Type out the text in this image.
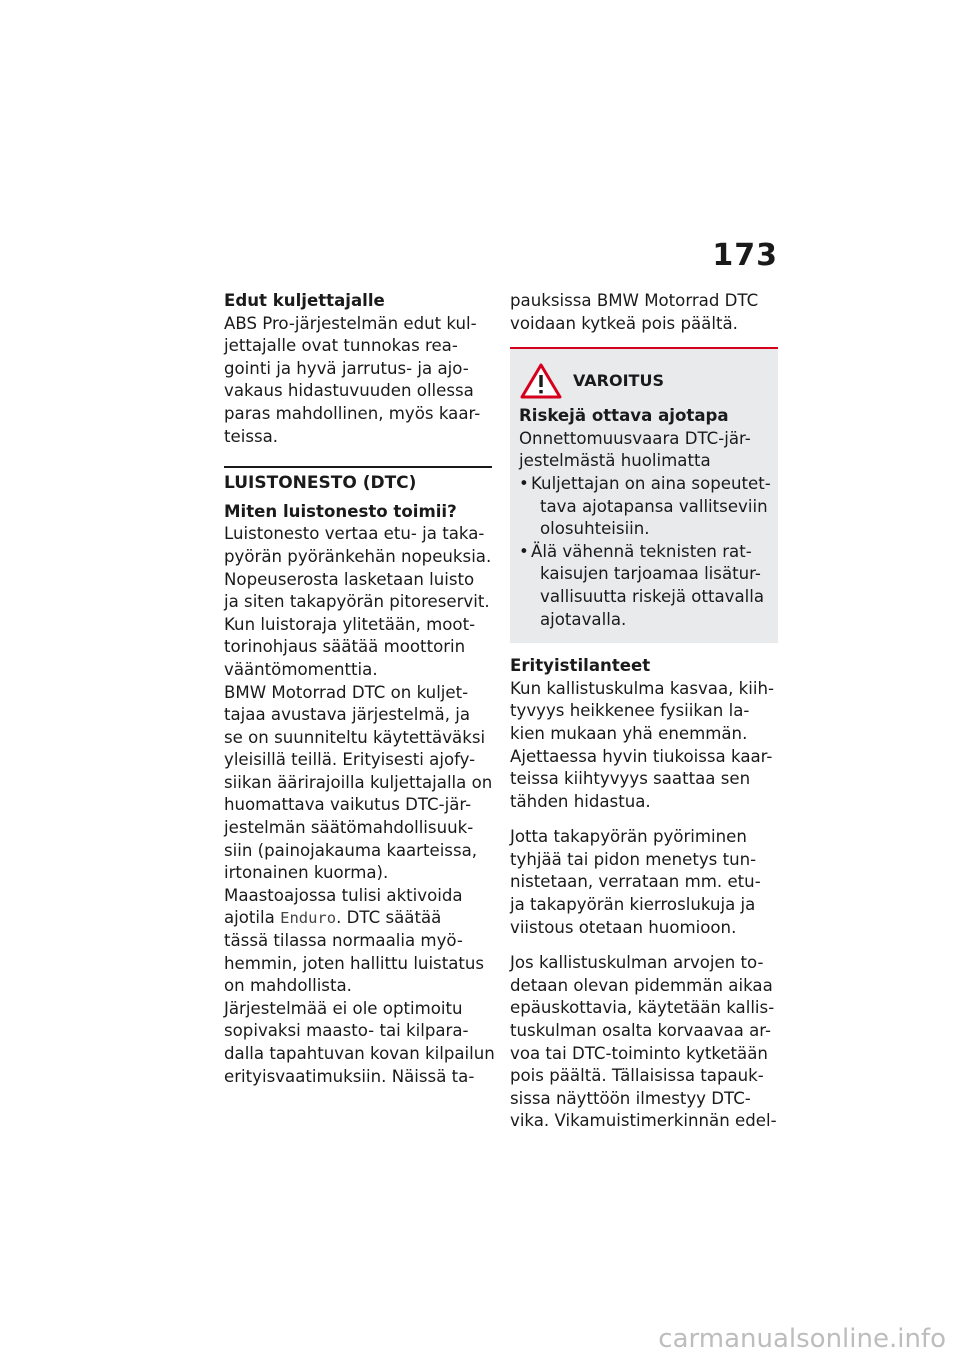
173
Edut kuljettajalle
ABS Pro-järjestelmän edut kul-
jettajalle ovat tunnokas rea-
gointi ja hyvä jarrutus- ja ajo-
vakaus hidastuvuuden ollessa
paras mahdollinen, myös kaar-
teissa.
LUISTONESTO (DTC)
Miten luistonesto toimii?
Luistonesto vertaa etu- ja taka-
pyörän pyöränkehän nopeuksia.
Nopeuserosta lasketaan luisto
ja siten takapyörän pitoreservit.
Kun luistoraja ylitetään, moot-
torinohjaus säätää moottorin
vääntömomenttia.
BMW Motorrad DTC on kuljet-
tajaa avustava järjestelmä, ja
se on suunniteltu käytettäväksi
yleisillä teillä. Erityisesti ajofy-
siikan äärirajoilla kuljettajalla on
huomattava vaikutus DTC-jär-
jestelmän säätömahdollisuuk-
siin (painojakauma kaarteissa,
irtonainen kuorma).
Maastoajossa tulisi aktivoida
ajotila Enduro. DTC säätää
tässä tilassa normaalia myö-
hemmin, joten hallittu luistatus
on mahdollista.
Järjestelmää ei ole optimoitu
sopivaksi maasto- tai kilpara-
dalla tapahtuvan kovan kilpailun
erityisvaatimuksiin. Näissä ta-
pauksissa BMW Motorrad DTC
voidaan kytkeä pois päältä.
VAROITUS
Riskejä ottava ajotapa
Onnettomuusvaara DTC-jär-
jestelmästä huolimatta
• Kuljettajan on aina sopeutet-
tava ajotapansa vallitseviin
olosuhteisiin.
• Älä vähennä teknisten rat-
kaisujen tarjoamaa lisätur-
vallisuutta riskejä ottavalla
ajotavalla.
Erityistilanteet
Kun kallistuskulma kasvaa, kiih-
tyvyys heikkenee fysiikan la-
kien mukaan yhä enemmän.
Ajettaessa hyvin tiukoissa kaar-
teissa kiihtyvyys saattaa sen
tähden hidastua.
Jotta takapyörän pyöriminen
tyhjää tai pidon menetys tun-
nistetaan, verrataan mm. etu-
ja takapyörän kierroslukuja ja
viistous otetaan huomioon.
Jos kallistuskulman arvojen to-
detaan olevan pidemmän aikaa
epäuskottavia, käytetään kallis-
tuskulman osalta korvaavaa ar-
voa tai DTC-toiminto kytketään
pois päältä. Tällaisissa tapauk-
sissa näyttöön ilmestyy DTC-
vika. Vikamuistimerkinnän edel-
carmanualsonline.info
